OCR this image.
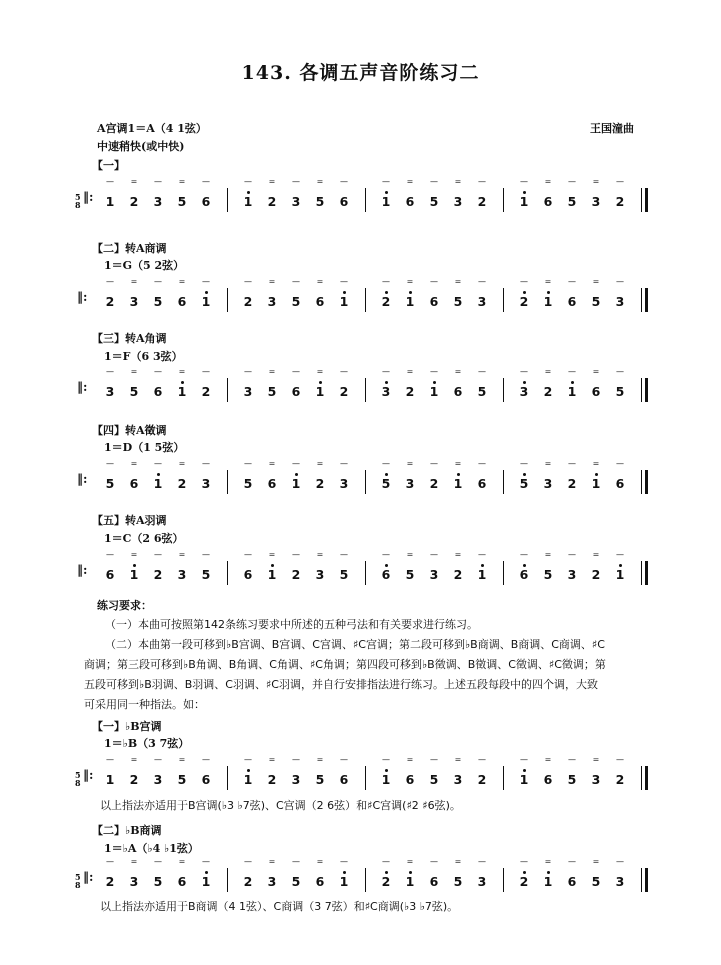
143. 各调五声音阶练习二
王国潼曲
A宫调1＝A（4 1弦）
中速稍快(或中快)
【一】
【二】转A商调
1＝G（5 2弦）
【三】转A角调
1＝F（6 3弦）
【四】转A徵调
1＝D（1 5弦）
【五】转A羽调
1＝C（2 6弦）
5
8
‖: 1
—
2
=
3
—
5
=
6
—
1
—
2
=
3
—
5
=
6
—
1
—
6
=
5
—
3
=
2
—
1
—
6
=
5
—
3
=
2
—
‖: 2
—
3
=
5
—
6
=
1
—
2
—
3
=
5
—
6
=
1
—
2
—
1
=
6
—
5
=
3
—
2
—
1
=
6
—
5
=
3
—
‖: 3
—
5
=
6
—
1
=
2
—
3
—
5
=
6
—
1
=
2
—
3
—
2
=
1
—
6
=
5
—
3
—
2
=
1
—
6
=
5
—
‖: 5
—
6
=
1
—
2
=
3
—
5
—
6
=
1
—
2
=
3
—
5
—
3
=
2
—
1
=
6
—
5
—
3
=
2
—
1
=
6
—
‖: 6
—
1
=
2
—
3
=
5
—
6
—
1
=
2
—
3
=
5
—
6
—
5
=
3
—
2
=
1
—
6
—
5
=
3
—
2
=
1
—
练习要求：
（一）本曲可按照第142条练习要求中所述的五种弓法和有关要求进行练习。
（二）本曲第一段可移到♭B宫调、B宫调、C宫调、♯C宫调；第二段可移到♭B商调、B商调、C商调、♯C
商调；第三段可移到♭B角调、B角调、C角调、♯C角调；第四段可移到♭B徵调、B徵调、C徵调、♯C徵调；第
五段可移到♭B羽调、B羽调、C羽调、♯C羽调，并自行安排指法进行练习。上述五段每段中的四个调，大致
可采用同一种指法。如：
【一】♭B宫调
1＝♭B（3 7弦）
5
8
‖: 1
—
2
=
3
—
5
=
6
—
1
—
2
=
3
—
5
=
6
—
1
—
6
=
5
—
3
=
2
—
1
—
6
=
5
—
3
=
2
—
以上指法亦适用于B宫调(♭3 ♭7弦)、C宫调（2 6弦）和♯C宫调(♯2 ♯6弦)。
【二】♭B商调
1＝♭A（♭4 ♭1弦）
5
8
‖: 2
—
3
=
5
—
6
=
1
—
2
—
3
=
5
—
6
=
1
—
2
—
1
=
6
—
5
=
3
—
2
—
1
=
6
—
5
=
3
—
以上指法亦适用于B商调（4 1弦）、C商调（3 7弦）和♯C商调(♭3 ♭7弦)。
